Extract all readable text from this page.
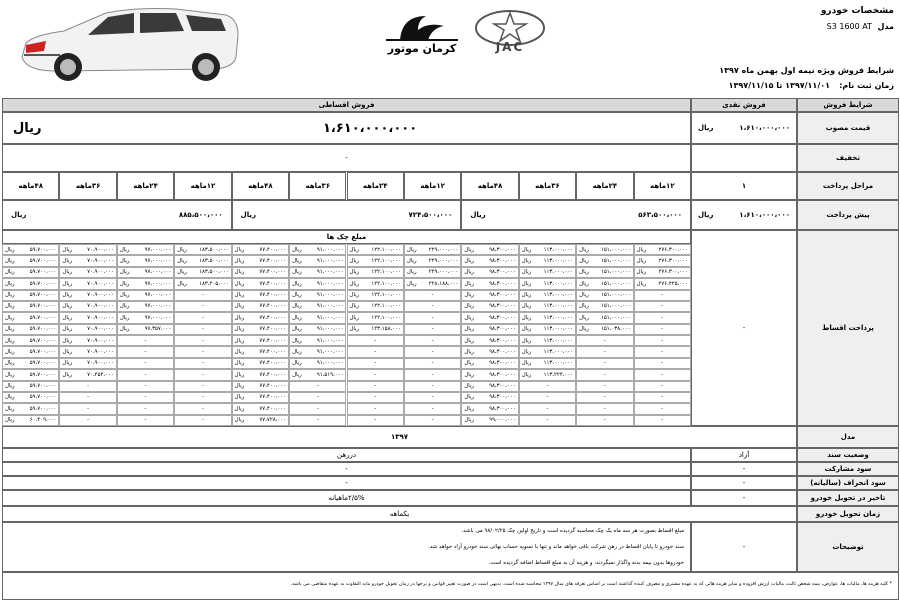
کرمان موتور	JAC
مشخصات خودرو
مدل
S3 1600 AT
شرایط فروش ویژه نیمه اول بهمن ماه ۱۳۹۷
زمان ثبت نام:
۱۳۹۷/۱۱/۰۱ تا ۱۳۹۷/۱۱/۱۵
شرایط فروش
فروش نقدی
فروش اقساطی
قیمت مصوب
۱،۶۱۰،۰۰۰،۰۰۰
ریال
۱،۶۱۰،۰۰۰،۰۰۰
ریال
تخفیف
-
مراحل پرداخت
۱
پیش پرداخت
۱،۶۱۰،۰۰۰،۰۰۰
ریال
پرداخت اقساط
-
مبلغ چک ها
مدل
۱۳۹۷
وضعیت سند
آزاد
دررهن
سود مشارکت
-
-
سود انحراف (سالیانه)
-
-
تاخیر در تحویل خودرو
-
۲/۵%ماهیانه
زمان تحویل خودرو
یکماهه
توضیحات
-
مبلغ اقساط بصورت هر سه ماه یک چک محاسبه گردیده است و تاریخ اولین چک ۹۸/۰۲/۲۵ می باشد.
سند خودرو تا پایان اقساط در رهن شرکت باقی خواهد ماند و تنها با تسویه حساب نهائی سند خودرو آزاد خواهد شد.
خودروها بدون بیمه بدنه واگذار نمیگردند، و هزینه آن به مبلغ اقساط اضافه گردیده است.
* کلیه هزینه ها، مالیات ها، عوارض، بیمه شخص ثالث، مالیات ارزش افزوده و سایر هزینه هائی که به عهده مشتری و مصرف کننده گذاشته است بر اساس تعرفه های سال ۱۳۹۷ محاسبه شده است. بدیهی است در صورت تغییر قوانین و نرخها در زمان تحویل خودرو مابه التفاوت به عهده متقاضی می باشد.
۱۲ماهه
۲۴ماهه
۳۶ماهه
۴۸ماهه
۱۲ماهه
۲۴ماهه
۳۶ماهه
۴۸ماهه
۱۲ماهه
۲۴ماهه
۳۶ماهه
۴۸ماهه
۵۶۳،۵۰۰،۰۰۰
ریال
۷۲۴،۵۰۰،۰۰۰
ریال
۸۸۵،۵۰۰،۰۰۰
ریال
۲۷۶،۳۰۰،۰۰۰
ریال
۲۷۶،۳۰۰،۰۰۰
ریال
۲۷۶،۳۰۰،۰۰۰
ریال
۲۷۶،۴۲۵،۰۰۰
ریال
-
-
-
-
-
-
-
-
-
-
-
-
۱۵۱،۰۰۰،۰۰۰
ریال
۱۵۱،۰۰۰،۰۰۰
ریال
۱۵۱،۰۰۰،۰۰۰
ریال
۱۵۱،۰۰۰،۰۰۰
ریال
۱۵۱،۰۰۰،۰۰۰
ریال
۱۵۱،۰۰۰،۰۰۰
ریال
۱۵۱،۰۰۰،۰۰۰
ریال
۱۵۱،۰۳۸،۰۰۰
ریال
-
-
-
-
-
-
-
-
۱۱۳،۰۰۰،۰۰۰
ریال
۱۱۳،۰۰۰،۰۰۰
ریال
۱۱۳،۰۰۰،۰۰۰
ریال
۱۱۳،۰۰۰،۰۰۰
ریال
۱۱۳،۰۰۰،۰۰۰
ریال
۱۱۳،۰۰۰،۰۰۰
ریال
۱۱۳،۰۰۰،۰۰۰
ریال
۱۱۳،۰۰۰،۰۰۰
ریال
۱۱۳،۰۰۰،۰۰۰
ریال
۱۱۳،۰۰۰،۰۰۰
ریال
۱۱۳،۰۰۰،۰۰۰
ریال
۱۱۳،۲۲۴،۰۰۰
ریال
-
-
-
-
۹۸،۳۰۰،۰۰۰
ریال
۹۸،۳۰۰،۰۰۰
ریال
۹۸،۳۰۰،۰۰۰
ریال
۹۸،۳۰۰،۰۰۰
ریال
۹۸،۳۰۰،۰۰۰
ریال
۹۸،۳۰۰،۰۰۰
ریال
۹۸،۳۰۰،۰۰۰
ریال
۹۸،۳۰۰،۰۰۰
ریال
۹۸،۳۰۰،۰۰۰
ریال
۹۸،۳۰۰،۰۰۰
ریال
۹۸،۳۰۰،۰۰۰
ریال
۹۸،۳۰۰،۰۰۰
ریال
۹۸،۳۰۰،۰۰۰
ریال
۹۸،۳۰۰،۰۰۰
ریال
۹۸،۳۰۰،۰۰۰
ریال
۹۹،۰۰۰،۰۰۰
ریال
۲۲۹،۰۰۰،۰۰۰
ریال
۲۲۹،۰۰۰،۰۰۰
ریال
۲۲۹،۰۰۰،۰۰۰
ریال
۲۲۸،۱۸۸،۰۰۰
ریال
-
-
-
-
-
-
-
-
-
-
-
-
۱۲۲،۱۰۰،۰۰۰
ریال
۱۲۲،۱۰۰،۰۰۰
ریال
۱۲۲،۱۰۰،۰۰۰
ریال
۱۲۲،۱۰۰،۰۰۰
ریال
۱۲۲،۱۰۰،۰۰۰
ریال
۱۲۲،۱۰۰،۰۰۰
ریال
۱۲۲،۱۰۰،۰۰۰
ریال
۱۲۳،۱۵۸،۰۰۰
ریال
-
-
-
-
-
-
-
-
۹۱،۰۰۰،۰۰۰
ریال
۹۱،۰۰۰،۰۰۰
ریال
۹۱،۰۰۰،۰۰۰
ریال
۹۱،۰۰۰،۰۰۰
ریال
۹۱،۰۰۰،۰۰۰
ریال
۹۱،۰۰۰،۰۰۰
ریال
۹۱،۰۰۰،۰۰۰
ریال
۹۱،۰۰۰،۰۰۰
ریال
۹۱،۰۰۰،۰۰۰
ریال
۹۱،۰۰۰،۰۰۰
ریال
۹۱،۰۰۰،۰۰۰
ریال
۹۱،۵۱۹،۰۰۰
ریال
-
-
-
-
۷۷،۴۰۰،۰۰۰
ریال
۷۷،۴۰۰،۰۰۰
ریال
۷۷،۴۰۰،۰۰۰
ریال
۷۷،۴۰۰،۰۰۰
ریال
۷۷،۴۰۰،۰۰۰
ریال
۷۷،۴۰۰،۰۰۰
ریال
۷۷،۴۰۰،۰۰۰
ریال
۷۷،۴۰۰،۰۰۰
ریال
۷۷،۴۰۰،۰۰۰
ریال
۷۷،۴۰۰،۰۰۰
ریال
۷۷،۴۰۰،۰۰۰
ریال
۷۷،۴۰۰،۰۰۰
ریال
۷۷،۴۰۰،۰۰۰
ریال
۷۷،۴۰۰،۰۰۰
ریال
۷۷،۴۰۰،۰۰۰
ریال
۷۷،۷۲۸،۰۰۰
ریال
۱۸۳،۵۰۰،۰۰۰
ریال
۱۸۳،۵۰۰،۰۰۰
ریال
۱۸۳،۵۰۰،۰۰۰
ریال
۱۸۳،۴۰۵،۰۰۰
ریال
-
-
-
-
-
-
-
-
-
-
-
-
۹۷،۰۰۰،۰۰۰
ریال
۹۷،۰۰۰،۰۰۰
ریال
۹۷،۰۰۰،۰۰۰
ریال
۹۷،۰۰۰،۰۰۰
ریال
۹۷،۰۰۰،۰۰۰
ریال
۹۷،۰۰۰،۰۰۰
ریال
۹۷،۰۰۰،۰۰۰
ریال
۹۷،۳۵۷،۰۰۰
ریال
-
-
-
-
-
-
-
-
۷۰،۹۰۰،۰۰۰
ریال
۷۰،۹۰۰،۰۰۰
ریال
۷۰،۹۰۰،۰۰۰
ریال
۷۰،۹۰۰،۰۰۰
ریال
۷۰،۹۰۰،۰۰۰
ریال
۷۰،۹۰۰،۰۰۰
ریال
۷۰،۹۰۰،۰۰۰
ریال
۷۰،۹۰۰،۰۰۰
ریال
۷۰،۹۰۰،۰۰۰
ریال
۷۰،۹۰۰،۰۰۰
ریال
۷۰،۹۰۰،۰۰۰
ریال
۷۰،۴۵۲،۰۰۰
ریال
-
-
-
-
۵۹،۷۰۰،۰۰۰
ریال
۵۹،۷۰۰،۰۰۰
ریال
۵۹،۷۰۰،۰۰۰
ریال
۵۹،۷۰۰،۰۰۰
ریال
۵۹،۷۰۰،۰۰۰
ریال
۵۹،۷۰۰،۰۰۰
ریال
۵۹،۷۰۰،۰۰۰
ریال
۵۹،۷۰۰،۰۰۰
ریال
۵۹،۷۰۰،۰۰۰
ریال
۵۹،۷۰۰،۰۰۰
ریال
۵۹،۷۰۰،۰۰۰
ریال
۵۹،۷۰۰،۰۰۰
ریال
۵۹،۷۰۰،۰۰۰
ریال
۵۹،۷۰۰،۰۰۰
ریال
۵۹،۷۰۰،۰۰۰
ریال
۶۰،۴۰۹،۰۰۰
ریال
